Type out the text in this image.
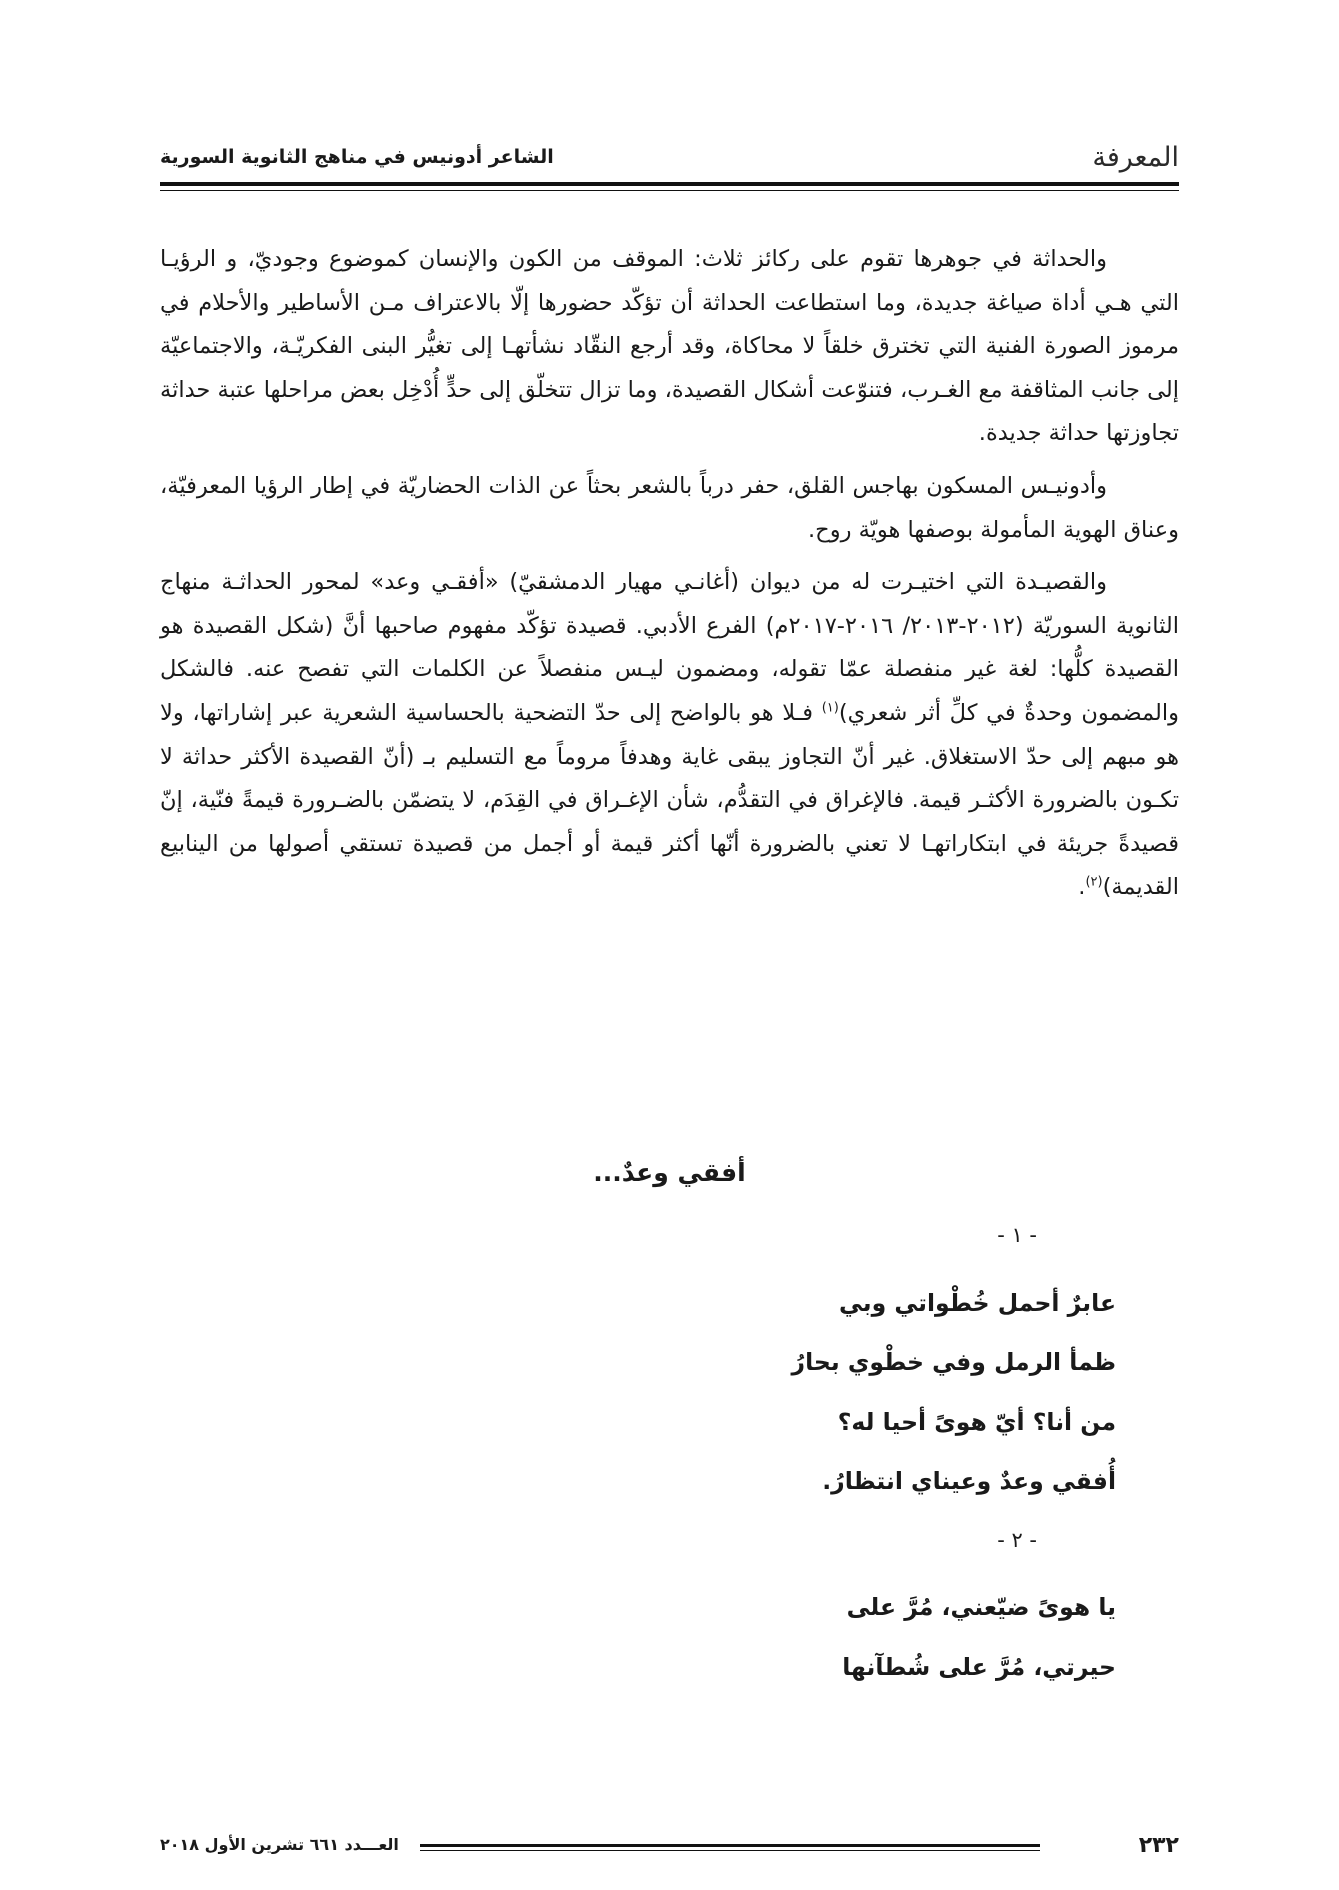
المعرفة
الشاعر أدونيس في مناهج الثانوية السورية

والحداثة في جوهرها تقوم على ركائز ثلاث: الموقف من الكون والإنسان كموضوع وجوديّ، و الرؤيـا التي هـي أداة صياغة جديدة، وما استطاعت الحداثة أن تؤكّد حضورها إلّا بالاعتراف مـن الأساطير والأحلام في مرموز الصورة الفنية التي تخترق خلقاً لا محاكاة، وقد أرجع النقّاد نشأتهـا إلى تغيُّر البنى الفكريّـة، والاجتماعيّة إلى جانب المثاقفة مع الغـرب، فتنوّعت أشكال القصيدة، وما تزال تتخلّق إلى حدٍّ أُدْخِل بعض مراحلها عتبة حداثة تجاوزتها حداثة جديدة.

وأدونيـس المسكون بهاجس القلق، حفر درباً بالشعر بحثاً عن الذات الحضاريّة في إطار الرؤيا المعرفيّة، وعناق الهوية المأمولة بوصفها هويّة روح.

والقصيـدة التي اختيـرت له من ديوان (أغانـي مهيار الدمشقيّ) «أفقـي وعد» لمحور الحداثـة منهاج الثانوية السوريّة (٢٠١٢-٢٠١٣/ ٢٠١٦-٢٠١٧م) الفرع الأدبي. قصيدة تؤكّد مفهوم صاحبها أنَّ (شكل القصيدة هو القصيدة كلُّها: لغة غير منفصلة عمّا تقوله، ومضمون ليـس منفصلاً عن الكلمات التي تفصح عنه. فالشكل والمضمون وحدةٌ في كلِّ أثر شعري)$^{(١)}$ فـلا هو بالواضح إلى حدّ التضحية بالحساسية الشعرية عبر إشاراتها، ولا هو مبهم إلى حدّ الاستغلاق. غير أنّ التجاوز يبقى غاية وهدفاً مروماً مع التسليم بـ (أنّ القصيدة الأكثر حداثة لا تكـون بالضرورة الأكثـر قيمة. فالإغراق في التقدُّم، شأن الإغـراق في القِدَم، لا يتضمّن بالضـرورة قيمةً فنّية، إنّ قصيدةً جريئة في ابتكاراتهـا لا تعني بالضرورة أنّها أكثر قيمة أو أجمل من قصيدة تستقي أصولها من الينابيع القديمة)$^{(٢)}$.

أفقي وعدٌ...
- ١ -
عابرٌ أحمل خُطْواتي وبي
ظمأ الرمل وفي خطْوي بحارُ
من أنا؟ أيّ هوىً أحيا له؟
أُفقي وعدٌ وعيناي انتظارُ.
- ٢ -
يا هوىً ضيّعني، مُرَّ على
حيرتي، مُرَّ على شُطآنها
٢٣٢
العـــدد ٦٦١ تشرين الأول ٢٠١٨
